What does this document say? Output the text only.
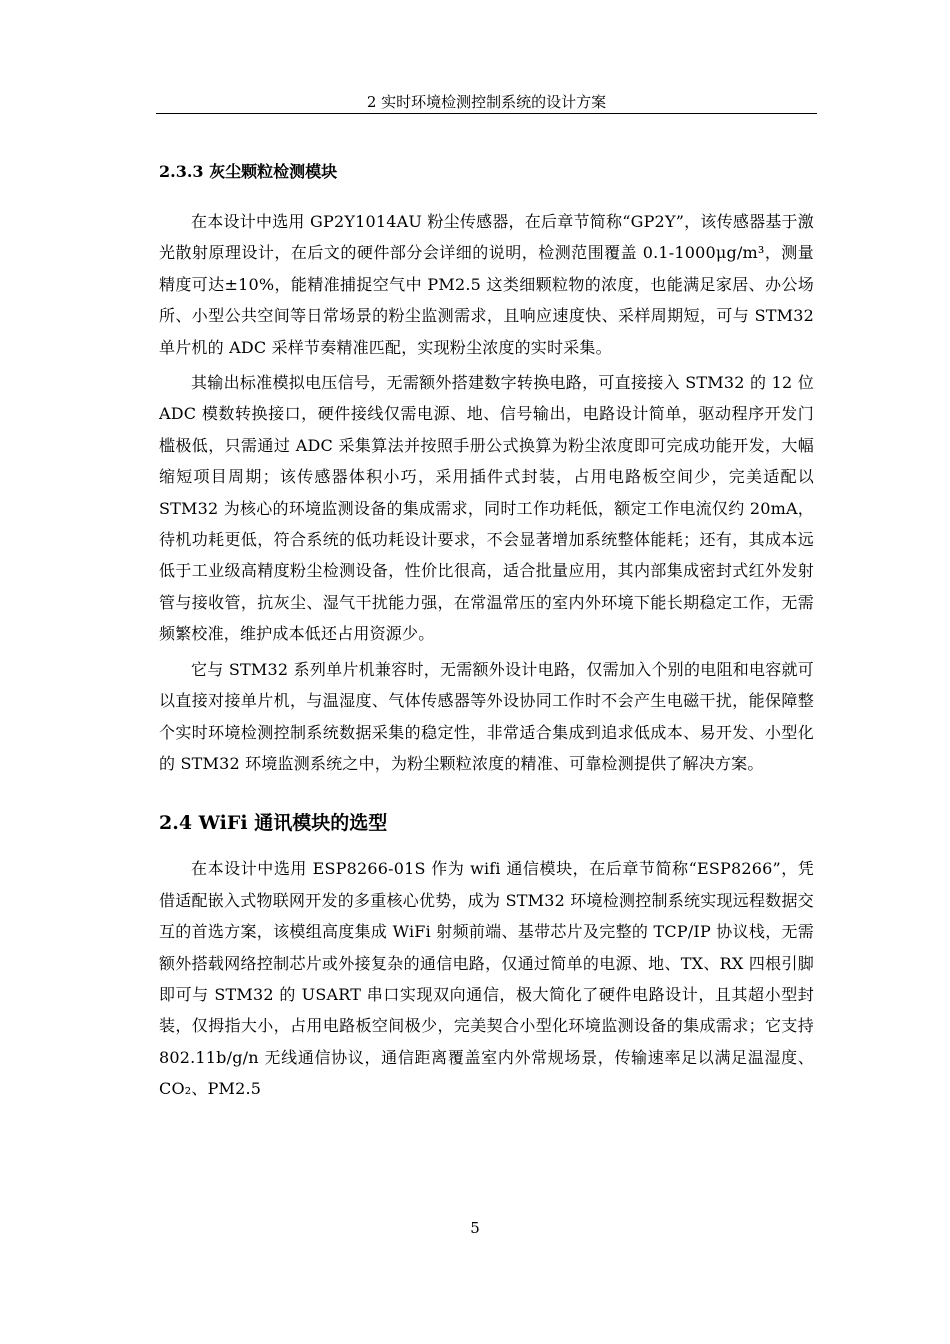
2 实时环境检测控制系统的设计方案
2.3.3 灰尘颗粒检测模块

在本设计中选用 GP2Y1014AU 粉尘传感器，在后章节简称“GP2Y”，该传感器基于激光散射原理设计，在后文的硬件部分会详细的说明，检测范围覆盖 0.1-1000μg/m³，测量精度可达±10%，能精准捕捉空气中 PM2.5 这类细颗粒物的浓度，也能满足家居、办公场所、小型公共空间等日常场景的粉尘监测需求，且响应速度快、采样周期短，可与 STM32 单片机的 ADC 采样节奏精准匹配，实现粉尘浓度的实时采集。

其输出标准模拟电压信号，无需额外搭建数字转换电路，可直接接入 STM32 的 12 位 ADC 模数转换接口，硬件接线仅需电源、地、信号输出，电路设计简单，驱动程序开发门槛极低，只需通过 ADC 采集算法并按照手册公式换算为粉尘浓度即可完成功能开发，大幅缩短项目周期；该传感器体积小巧，采用插件式封装，占用电路板空间少，完美适配以 STM32 为核心的环境监测设备的集成需求，同时工作功耗低，额定工作电流仅约 20mA，待机功耗更低，符合系统的低功耗设计要求，不会显著增加系统整体能耗；还有，其成本远低于工业级高精度粉尘检测设备，性价比很高，适合批量应用，其内部集成密封式红外发射管与接收管，抗灰尘、湿气干扰能力强，在常温常压的室内外环境下能长期稳定工作，无需频繁校准，维护成本低还占用资源少。

它与 STM32 系列单片机兼容时，无需额外设计电路，仅需加入个别的电阻和电容就可以直接对接单片机，与温湿度、气体传感器等外设协同工作时不会产生电磁干扰，能保障整个实时环境检测控制系统数据采集的稳定性，非常适合集成到追求低成本、易开发、小型化的 STM32 环境监测系统之中，为粉尘颗粒浓度的精准、可靠检测提供了解决方案。

2.4 WiFi 通讯模块的选型

在本设计中选用 ESP8266-01S 作为 wifi 通信模块，在后章节简称“ESP8266”，凭借适配嵌入式物联网开发的多重核心优势，成为 STM32 环境检测控制系统实现远程数据交互的首选方案，该模组高度集成 WiFi 射频前端、基带芯片及完整的 TCP/IP 协议栈，无需额外搭载网络控制芯片或外接复杂的通信电路，仅通过简单的电源、地、TX、RX 四根引脚即可与 STM32 的 USART 串口实现双向通信，极大简化了硬件电路设计，且其超小型封装，仅拇指大小，占用电路板空间极少，完美契合小型化环境监测设备的集成需求；它支持 802.11b/g/n 无线通信协议，通信距离覆盖室内外常规场景，传输速率足以满足温湿度、CO₂、PM2.5

5
